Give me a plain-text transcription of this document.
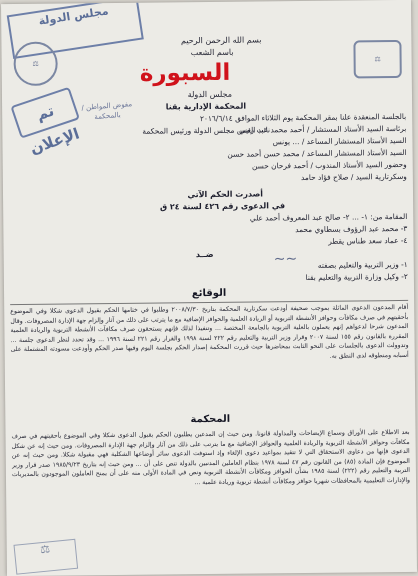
مجلس الدولة
⚖
⚖
السبورة
بسم الله الرحمن الرحيم
باسم الشعب
مجلس الدولة
المحكمة الإدارية بقنا
تم الإعلان
مفوض المواطن / بالمحكمة	بالجلسة المنعقدة علنا بمقر المحكمة يوم الثلاثاء الموافق ٢٠١٦/٦/١٤
برئاسة السيد الأستاذ المستشار / أحمد محمد عبد الغني
نائب رئيس مجلس الدولة ورئيس المحكمة
السيد الأستاذ المستشار المساعد / ... يونس
السيد الأستاذ المستشار المساعد / محمد حسن أحمد حسن
وحضور السيد الأستاذ المندوب / أحمد فرحان حسن
وسكرتارية السيد / صلاح فؤاد حامد
أصدرت الحكم الآتي
في الدعوى رقم ٤٢٦ لسنة ٢٤ ق
المقامة من: ١- ... ٢- صالح عبد المعروف أحمد علي
٣- محمد عبد الرؤوف بسطاوي محمد
٤- عماد سعد طناس يقطر
ضــد
١- وزير التربية والتعليم بصفته
٢- وكيل وزارة التربية والتعليم بقنا
الوقائع
أقام المدعون الدعوى الماثلة بموجب صحيفة أودعت سكرتارية المحكمة بتاريخ ٢٠٠٨/٧/٣٠ وطلبوا في ختامها الحكم بقبول الدعوى شكلا وفي الموضوع بأحقيتهم في صرف مكافآت وحوافز الأنشطة التربوية أو الريادة العلمية والحوافز الإضافية مع ما يترتب على ذلك من آثار وإلزام جهة الإدارة المصروفات. وقال المدعون شرحا لدعواهم إنهم يعملون بالعلية التربوية بالجامعة المختصة ... وتنفيذا لذلك فإنهم يستحقون صرف مكافآت الأنشطة التربوية والريادة العلمية المقررة بالقانون رقم ١٥٥ لسنة ٢٠٠٧ وقرار وزير التربية والتعليم رقم ٢٢٢ لسنة ١٩٩٨ والقرار رقم ٢٢١ لسنة ١٩٩٦ ... وقد تحدد لنظر الدعوى جلسة ... وتدوولت الدعوى بالجلسات على النحو الثابت بمحاضرها حيث قررت المحكمة إصدار الحكم بجلسة اليوم وفيها صدر الحكم وأودعت مسودته المشتملة على أسبابه ومنطوقه لدى النطق به.
المحكمة
بعد الاطلاع على الأوراق وسماع الإيضاحات والمداولة قانونا. ومن حيث إن المدعين يطلبون الحكم بقبول الدعوى شكلا وفي الموضوع بأحقيتهم في صرف مكافآت وحوافز الأنشطة التربوية والريادة العلمية والحوافز الإضافية مع ما يترتب على ذلك من آثار وإلزام جهة الإدارة المصروفات. ومن حيث إنه عن شكل الدعوى فإنها من دعاوى الاستحقاق التي لا تتقيد بمواعيد دعوى الإلغاء وإذ استوفت الدعوى سائر أوضاعها الشكلية فهي مقبولة شكلا. ومن حيث إنه عن الموضوع فإن المادة (٨٥) من القانون رقم ٤٧ لسنة ١٩٧٨ بنظام العاملين المدنيين بالدولة تنص على أن ... ومن حيث إنه بتاريخ ١٩٨٥/٩/٢٣ صدر قرار وزير التربية والتعليم رقم (٢٢٢) لسنة ١٩٨٥ بشأن الحوافز ومكافآت الأنشطة التربوية ونص في المادة الأولى منه على أن يمنح العاملون الموجودون بالمديريات والإدارات التعليمية بالمحافظات شهريا حوافز ومكافآت أنشطة تربوية وريادة علمية ...
~~
⚖
